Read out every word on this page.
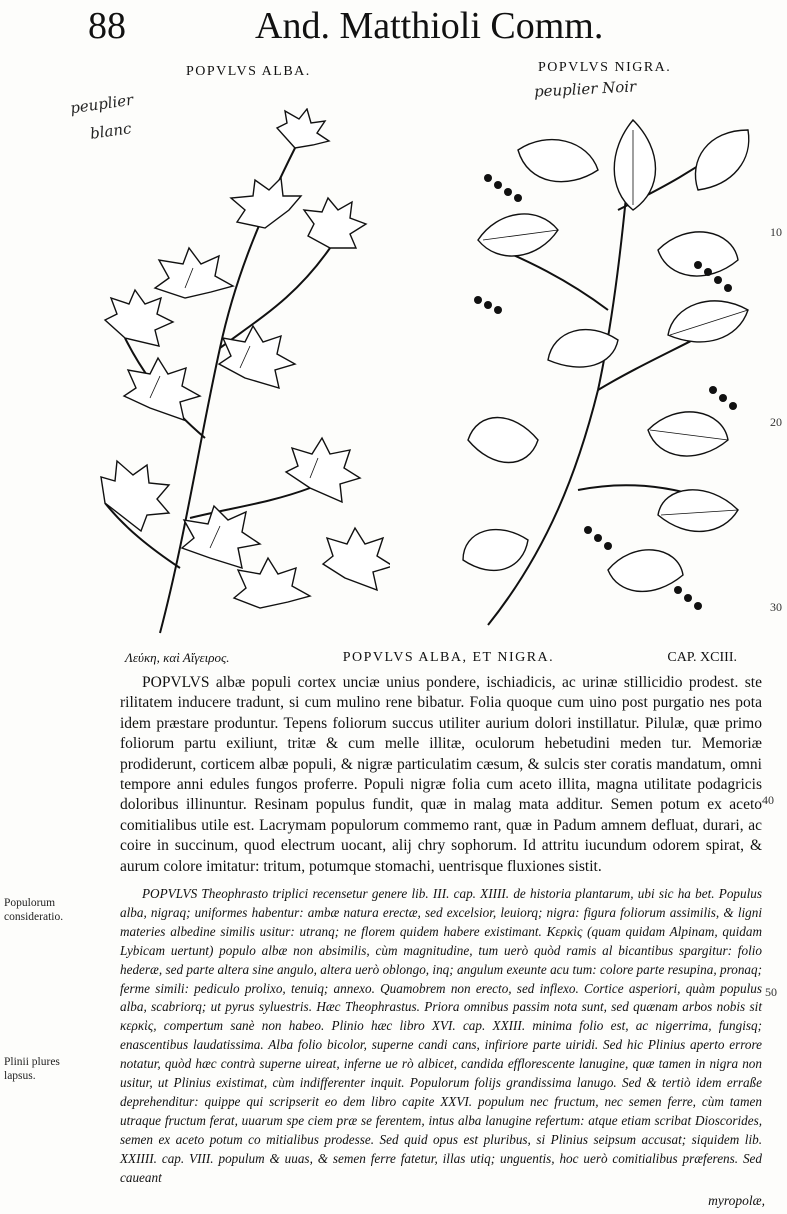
88	And. Matthioli Comm.
POPVLVS ALBA.	POPVLVS NIGRA.
peuplier
blanc
peuplier Noir
10
20
30
40
50
Λεύκη, καὶ Αἴγειρος.	POPVLVS ALBA, ET NIGRA.	CAP. XCIII.

POPVLVS albæ populi cortex unciæ unius pondere, ischiadicis, ac urinæ stillicidio prodest. ste rilitatem inducere tradunt, si cum mulino rene bibatur. Folia quoque cum uino post purgatio nes pota idem præstare produntur. Tepens foliorum succus utiliter aurium dolori instillatur. Pilulæ, quæ primo foliorum partu exiliunt, tritæ & cum melle illitæ, oculorum hebetudini meden tur. Memoriæ prodiderunt, corticem albæ populi, & nigræ particulatim cæsum, & sulcis ster coratis mandatum, omni tempore anni edules fungos proferre. Populi nigræ folia cum aceto illita, magna utilitate podagricis doloribus illinuntur. Resinam populus fundit, quæ in malag mata additur. Semen potum ex aceto comitialibus utile est. Lacrymam populorum commemo rant, quæ in Padum amnem defluat, durari, ac coire in succinum, quod electrum uocant, alij chry sophorum. Id attritu iucundum odorem spirat, & aurum colore imitatur: tritum, potumque stomachi, uentrisque fluxiones sistit.

Populorum consideratio.
Plinii plures lapsus.

POPVLVS Theophrasto triplici recensetur genere lib. III. cap. XIIII. de historia plantarum, ubi sic ha bet. Populus alba, nigraq; uniformes habentur: ambæ natura erectæ, sed excelsior, leuiorq; nigra: figura foliorum assimilis, & ligni materies albedine similis usitur: utranq; ne florem quidem habere existimant. Κερκὶς (quam quidam Alpinam, quidam Lybicam uertunt) populo albæ non absimilis, cùm magnitudine, tum uerò quòd ramis al bicantibus spargitur: folio hederæ, sed parte altera sine angulo, altera uerò oblongo, inq; angulum exeunte acu tum: colore parte resupina, pronaq; ferme simili: pediculo prolixo, tenuiq; annexo. Quamobrem non erecto, sed inflexo. Cortice asperiori, quàm populus alba, scabriorq; ut pyrus syluestris. Hæc Theophrastus. Priora omnibus passim nota sunt, sed quænam arbos nobis sit κερκὶς, compertum sanè non habeo. Plinio hæc libro XVI. cap. XXIII. minima folio est, ac nigerrima, fungisq; enascentibus laudatissima. Alba folio bicolor, superne candi cans, infiriore parte uiridi. Sed hic Plinius aperto errore notatur, quòd hæc contrà superne uireat, inferne ue rò albicet, candida efflorescente lanugine, quæ tamen in nigra non usitur, ut Plinius existimat, cùm indifferenter inquit. Populorum folijs grandissima lanugo. Sed & tertiò idem erraße deprehenditur: quippe qui scripserit eo dem libro capite XXVI. populum nec fructum, nec semen ferre, cùm tamen utraque fructum ferat, uuarum spe ciem præ se ferentem, intus alba lanugine refertum: atque etiam scribat Dioscorides, semen ex aceto potum co mitialibus prodesse. Sed quid opus est pluribus, si Plinius seipsum accusat; siquidem lib. XXIIII. cap. VIII. populum & uuas, & semen ferre fatetur, illas utiq; unguentis, hoc uerò comitialibus præferens. Sed caueant

myropolæ,
